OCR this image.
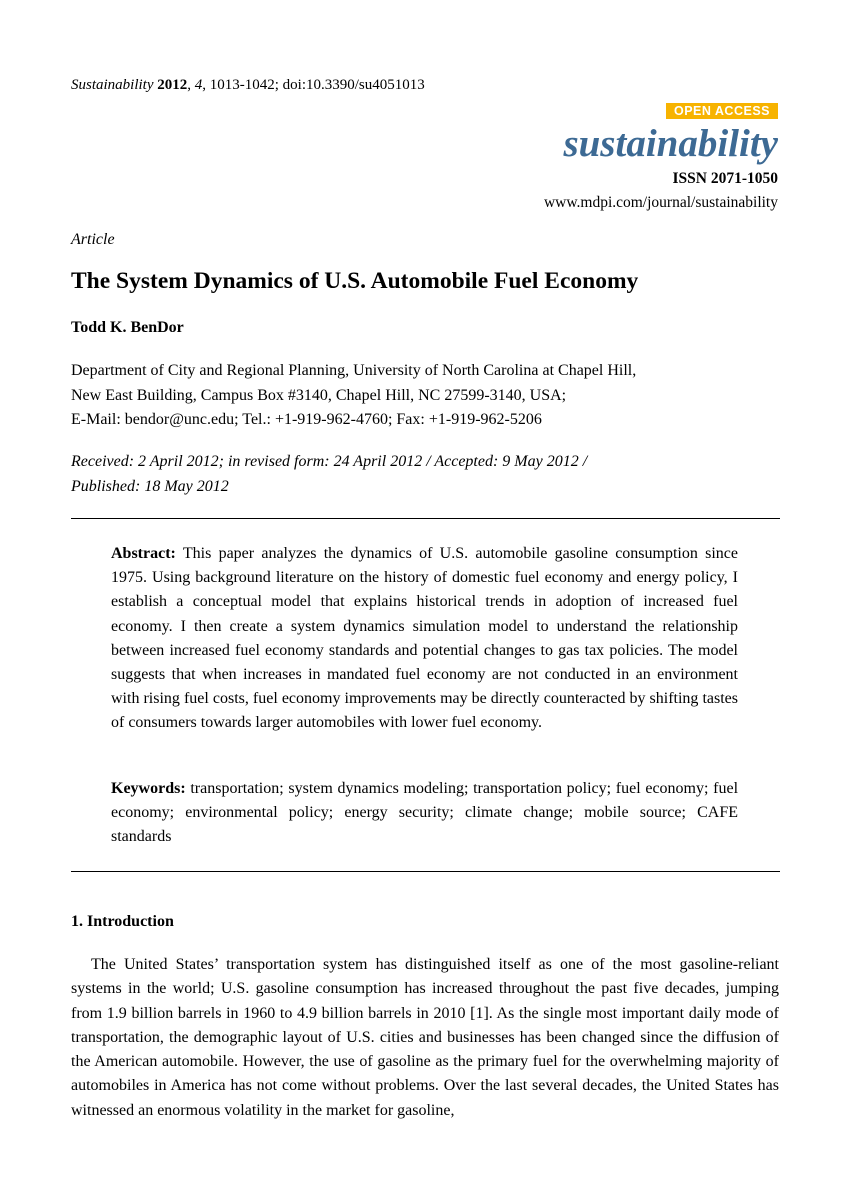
Sustainability 2012, 4, 1013-1042; doi:10.3390/su4051013
OPEN ACCESS
sustainability
ISSN 2071-1050
www.mdpi.com/journal/sustainability
Article
The System Dynamics of U.S. Automobile Fuel Economy
Todd K. BenDor
Department of City and Regional Planning, University of North Carolina at Chapel Hill,
New East Building, Campus Box #3140, Chapel Hill, NC 27599-3140, USA;
E-Mail: bendor@unc.edu; Tel.: +1-919-962-4760; Fax: +1-919-962-5206
Received: 2 April 2012; in revised form: 24 April 2012 / Accepted: 9 May 2012 /
Published: 18 May 2012
Abstract: This paper analyzes the dynamics of U.S. automobile gasoline consumption since 1975. Using background literature on the history of domestic fuel economy and energy policy, I establish a conceptual model that explains historical trends in adoption of increased fuel economy. I then create a system dynamics simulation model to understand the relationship between increased fuel economy standards and potential changes to gas tax policies. The model suggests that when increases in mandated fuel economy are not conducted in an environment with rising fuel costs, fuel economy improvements may be directly counteracted by shifting tastes of consumers towards larger automobiles with lower fuel economy.
Keywords: transportation; system dynamics modeling; transportation policy; fuel economy; fuel economy; environmental policy; energy security; climate change; mobile source; CAFE standards
1. Introduction
The United States’ transportation system has distinguished itself as one of the most gasoline-reliant systems in the world; U.S. gasoline consumption has increased throughout the past five decades, jumping from 1.9 billion barrels in 1960 to 4.9 billion barrels in 2010 [1]. As the single most important daily mode of transportation, the demographic layout of U.S. cities and businesses has been changed since the diffusion of the American automobile. However, the use of gasoline as the primary fuel for the overwhelming majority of automobiles in America has not come without problems. Over the last several decades, the United States has witnessed an enormous volatility in the market for gasoline,
